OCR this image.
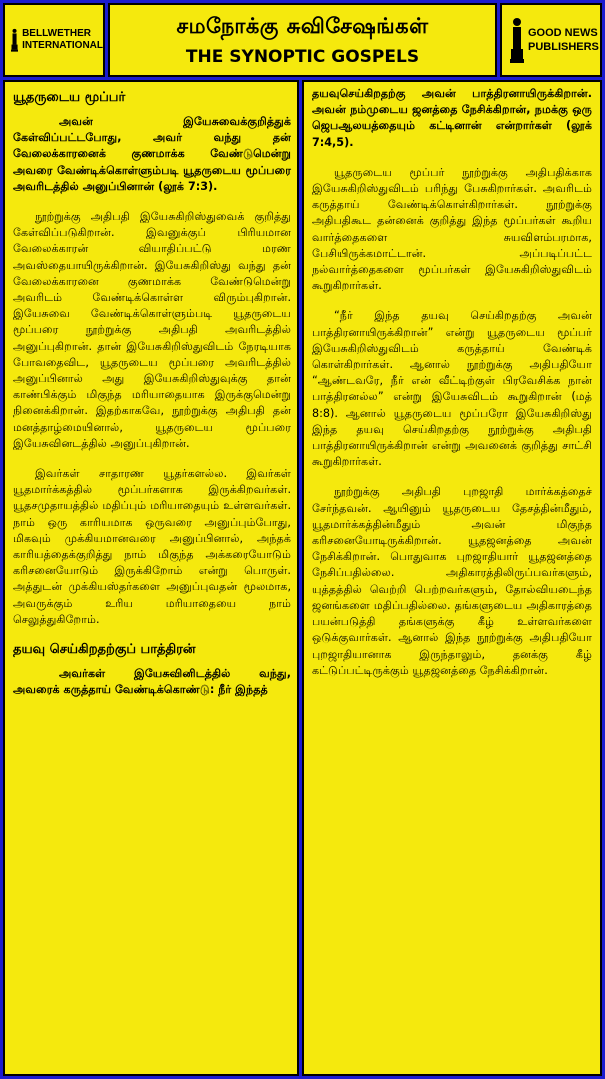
BELLWETHER
INTERNATIONAL
சமநோக்கு சுவிசேஷங்கள்
THE SYNOPTIC GOSPELS
GOOD NEWS
PUBLISHERS
யூதருடைய மூப்பர்

அவன் இயேசுவைக்குறித்துக் கேள்விப்பட்டபோது, அவர் வந்து தன் வேலைக்காரனைக் குணமாக்க வேண்டுமென்று அவரை வேண்டிக்கொள்ளும்படி யூதருடைய மூப்பரை அவரிடத்தில் அனுப்பினான் (லூக் 7:3).

நூற்றுக்கு அதிபதி இயேசுகிறிஸ்துவைக் குறித்து கேள்விப்படுகிறான். இவனுக்குப் பிரியமான வேலைக்காரன் வியாதிப்பட்டு மரண அவஸ்தையாயிருக்கிறான். இயேசுகிறிஸ்து வந்து தன் வேலைக்காரனை குணமாக்க வேண்டுமென்று அவரிடம் வேண்டிக்கொள்ள விரும்புகிறான். இயேசுவை வேண்டிக்கொள்ளும்படி யூதருடைய மூப்பரை நூற்றுக்கு அதிபதி அவரிடத்தில் அனுப்புகிறான். தான் இயேசுகிறிஸ்துவிடம் நேரடியாக போவதைவிட, யூதருடைய மூப்பரை அவரிடத்தில் அனுப்பினால் அது இயேசுகிறிஸ்துவுக்கு தான் காண்பிக்கும் மிகுந்த மரியாதையாக இருக்குமென்று நினைக்கிறான். இதற்காகவே, நூற்றுக்கு அதிபதி தன் மனத்தாழ்மையினால், யூதருடைய மூப்பரை இயேசுவினடத்தில் அனுப்புகிறான்.

இவர்கள் சாதாரண யூதர்களல்ல. இவர்கள் யூதமார்க்கத்தில் மூப்பர்களாக இருக்கிறவர்கள். யூதசமுதாயத்தில் மதிப்பும் மரியாதையும் உள்ளவர்கள். நாம் ஒரு காரியமாக ஒருவரை அனுப்பும்போது, மிகவும் முக்கியமானவரை அனுப்பினால், அந்தக் காரியத்தைக்குறித்து நாம் மிகுந்த அக்கரையோடும் கரிசனையோடும் இருக்கிறோம் என்று பொருள். அத்துடன் முக்கியஸ்தர்களை அனுப்புவதன் மூலமாக, அவருக்கும் உரிய மரியாதையை நாம் செலுத்துகிறோம்.

தயவு செய்கிறதற்குப் பாத்திரன்

அவர்கள் இயேசுவினிடத்தில் வந்து, அவரைக் கருத்தாய் வேண்டிக்கொண்டு: நீர் இந்தத்

தயவுசெய்கிறதற்கு அவன் பாத்திரனாயிருக்கிறான். அவன் நம்முடைய ஜனத்தை நேசிக்கிறான், நமக்கு ஒரு ஜெபஆலயத்தையும் கட்டினான் என்றார்கள் (லூக் 7:4,5).

யூதருடைய மூப்பர் நூற்றுக்கு அதிபதிக்காக இயேசுகிறிஸ்துவிடம் பரிந்து பேசுகிறார்கள். அவரிடம் கருத்தாய் வேண்டிக்கொள்கிறார்கள். நூற்றுக்கு அதிபதிகூட தன்னைக் குறித்து இந்த மூப்பர்கள் கூறிய வார்த்தைகளை சுயவிளம்பரமாக, பேசியிருக்கமாட்டான். அப்படிப்பட்ட நல்வார்த்தைகளை மூப்பர்கள் இயேசுகிறிஸ்துவிடம் கூறுகிறார்கள்.

“நீர் இந்த தயவு செய்கிறதற்கு அவன் பாத்திரனாயிருக்கிறான்” என்று யூதருடைய மூப்பர் இயேசுகிறிஸ்துவிடம் கருத்தாய் வேண்டிக் கொள்கிறார்கள். ஆனால் நூற்றுக்கு அதிபதியோ “ஆண்டவரே, நீர் என் வீட்டிற்குள் பிரவேசிக்க நான் பாத்திரனல்ல” என்று இயேசுவிடம் கூறுகிறான் (மத் 8:8). ஆனால் யூதருடைய மூப்பரோ இயேசுகிறிஸ்து இந்த தயவு செய்கிறதற்கு நூற்றுக்கு அதிபதி பாத்திரனாயிருக்கிறான் என்று அவனைக் குறித்து சாட்சி கூறுகிறார்கள்.

நூற்றுக்கு அதிபதி புறஜாதி மார்க்கத்தைச் சேர்ந்தவன். ஆயினும் யூதருடைய தேசத்தின்மீதும், யூதமார்க்கத்தின்மீதும் அவன் மிகுந்த கரிசனையோடிருக்கிறான். யூதஜனத்தை அவன் நேசிக்கிறான். பொதுவாக புறஜாதியார் யூதஜனத்தை நேசிப்பதில்லை. அதிகாரத்திலிருப்பவர்களும், யுத்தத்தில் வெற்றி பெற்றவர்களும், தோல்வியடைந்த ஜனங்களை மதிப்பதில்லை. தங்களுடைய அதிகாரத்தை பயன்படுத்தி தங்களுக்கு கீழ் உள்ளவர்களை ஒடுக்குவார்கள். ஆனால் இந்த நூற்றுக்கு அதிபதியோ புறஜாதியானாக இருந்தாலும், தனக்கு கீழ் கட்டுப்பட்டிருக்கும் யூதஜனத்தை நேசிக்கிறான்.
